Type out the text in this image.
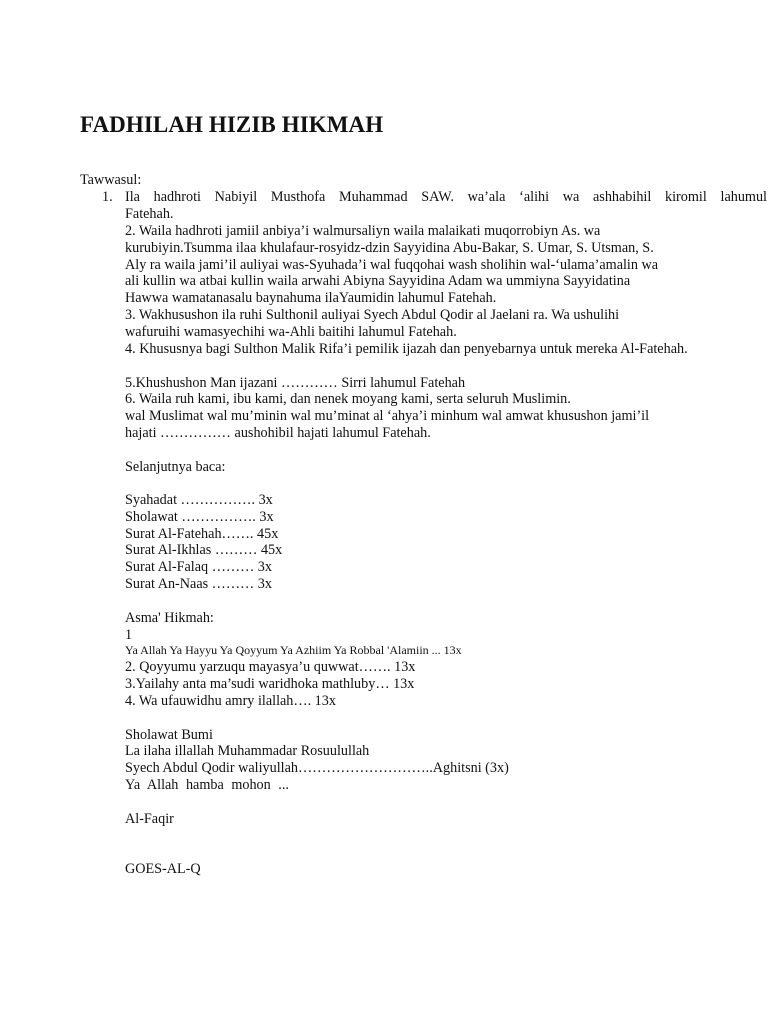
FADHILAH HIZIB HIKMAH
Tawwasul:
1. Ila hadhroti Nabiyil Musthofa Muhammad SAW. wa’ala ‘alihi wa ashhabihil kiromil lahumul
Fatehah.
2. Waila hadhroti jamiil anbiya’i walmursaliyn waila malaikati muqorrobiyn As. wa
kurubiyin.Tsumma ilaa khulafaur-rosyidz-dzin Sayyidina Abu-Bakar, S. Umar, S. Utsman, S.
Aly ra waila jami’il auliyai was-Syuhada’i wal fuqqohai wash sholihin wal-‘ulama’amalin wa
ali kullin wa atbai kullin waila arwahi Abiyna Sayyidina Adam wa ummiyna Sayyidatina
Hawwa wamatanasalu baynahuma ilaYaumidin lahumul Fatehah.
3. Wakhusushon ila ruhi Sulthonil auliyai Syech Abdul Qodir al Jaelani ra. Wa ushulihi
wafuruihi wamasyechihi wa-Ahli baitihi lahumul Fatehah.
4. Khususnya bagi Sulthon Malik Rifa’i pemilik ijazah dan penyebarnya untuk mereka Al-Fatehah.
5.Khushushon Man ijazani ………… Sirri lahumul Fatehah
6. Waila ruh kami, ibu kami, dan nenek moyang kami, serta seluruh Muslimin.
wal Muslimat wal mu’minin wal mu’minat al ‘ahya’i minhum wal amwat khusushon jami’il
hajati …………… aushohibil hajati lahumul Fatehah.
Selanjutnya baca:
Syahadat ……………. 3x
Sholawat ……………. 3x
Surat Al-Fatehah……. 45x
Surat Al-Ikhlas ……… 45x
Surat Al-Falaq ……… 3x
Surat An-Naas ……… 3x
Asma' Hikmah:
1
Ya Allah Ya Hayyu Ya Qoyyum Ya Azhiim Ya Robbal 'Alamiin ... 13x
2. Qoyyumu yarzuqu mayasya’u quwwat……. 13x
3.Yailahy anta ma’sudi waridhoka mathluby… 13x
4. Wa ufauwidhu amry ilallah…. 13x
Sholawat Bumi
La ilaha illallah Muhammadar Rosuulullah
Syech Abdul Qodir waliyullah………………………..Aghitsni (3x)
Ya Allah hamba mohon ...
Al-Faqir
GOES-AL-Q
